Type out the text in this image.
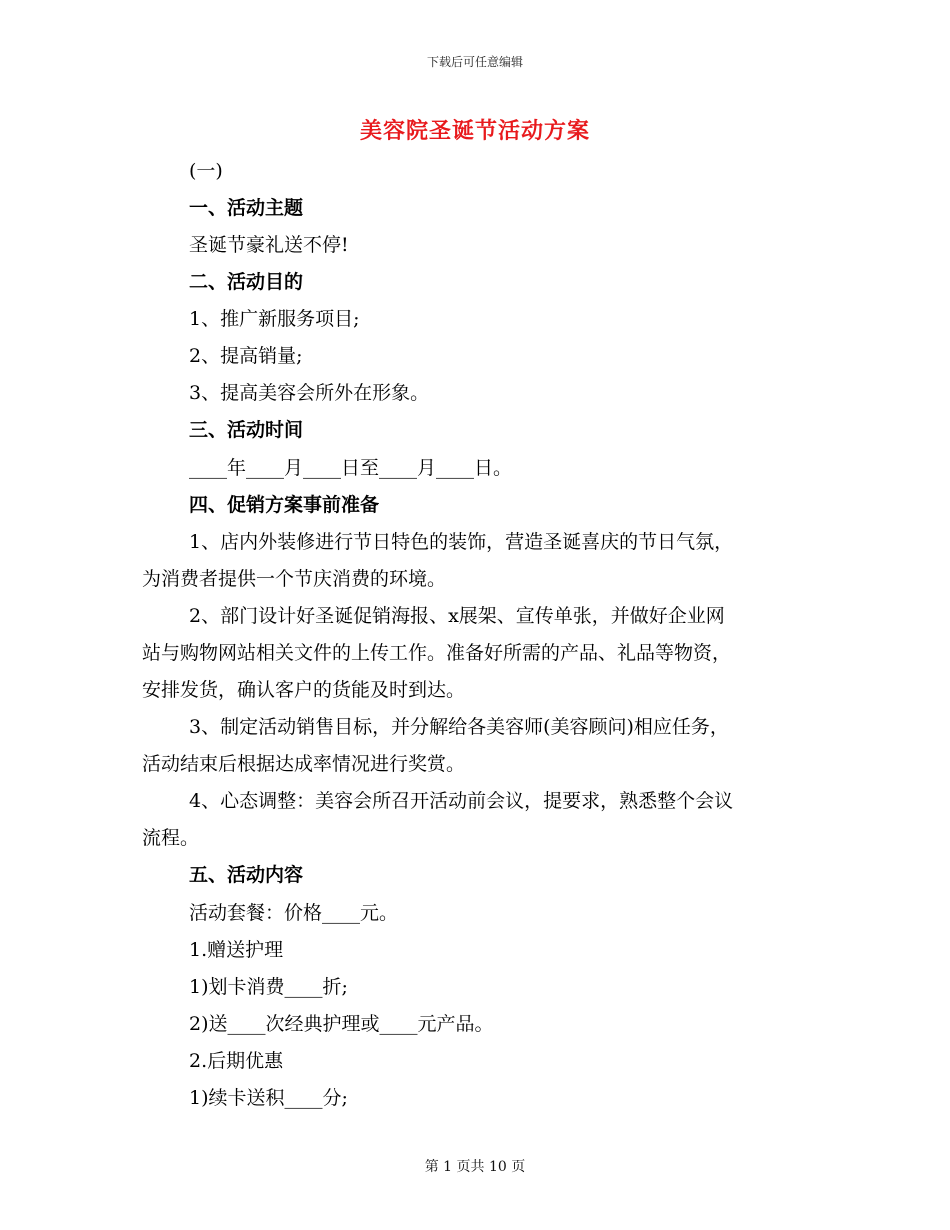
下载后可任意编辑
美容院圣诞节活动方案
(一)
一、活动主题
圣诞节豪礼送不停!
二、活动目的
1、推广新服务项目;
2、提高销量;
3、提高美容会所外在形象。
三、活动时间
____年____月____日至____月____日。
四、促销方案事前准备
1、店内外装修进行节日特色的装饰，营造圣诞喜庆的节日气氛，
为消费者提供一个节庆消费的环境。
2、部门设计好圣诞促销海报、x展架、宣传单张，并做好企业网
站与购物网站相关文件的上传工作。准备好所需的产品、礼品等物资，
安排发货，确认客户的货能及时到达。
3、制定活动销售目标，并分解给各美容师(美容顾问)相应任务，
活动结束后根据达成率情况进行奖赏。
4、心态调整：美容会所召开活动前会议，提要求，熟悉整个会议
流程。
五、活动内容
活动套餐：价格____元。
1.赠送护理
1)划卡消费____折;
2)送____次经典护理或____元产品。
2.后期优惠
1)续卡送积____分;
第 1 页共 10 页
